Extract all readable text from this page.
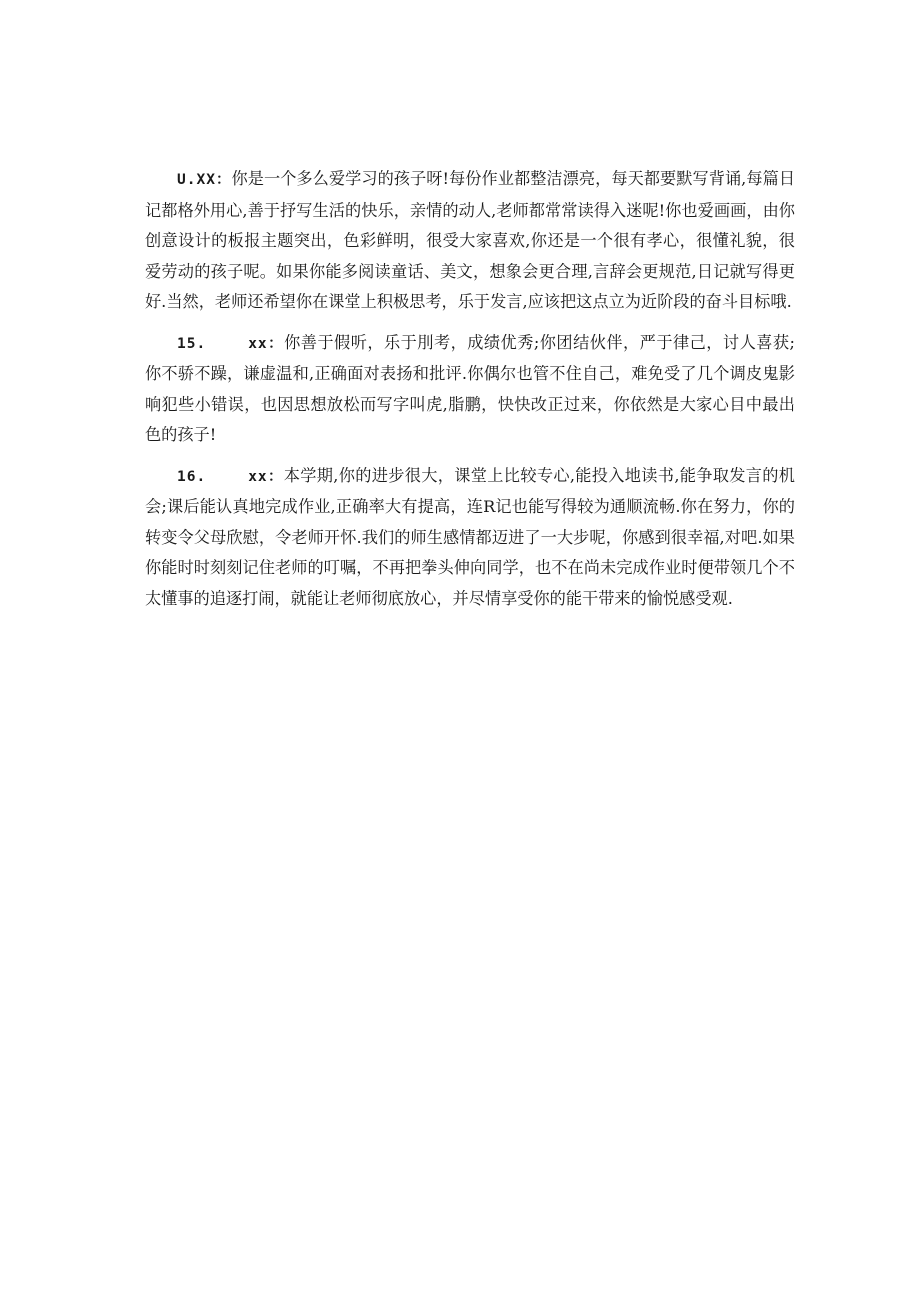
U.XX：你是一个多么爱学习的孩子呀!每份作业都整洁漂亮，每天都要默写背诵,每篇日记都格外用心,善于抒写生活的快乐，亲情的动人,老师都常常读得入迷呢!你也爱画画，由你创意设计的板报主题突出，色彩鲜明，很受大家喜欢,你还是一个很有孝心，很懂礼貌，很爱劳动的孩子呢。如果你能多阅读童话、美文，想象会更合理,言辞会更规范,日记就写得更好.当然，老师还希望你在课堂上积极思考，乐于发言,应该把这点立为近阶段的奋斗目标哦.

15.	xx：你善于假听，乐于刖考，成绩优秀;你团结伙伴，严于律己，讨人喜获;你不骄不躁，谦虚温和,正确面对表扬和批评.你偶尔也管不住自己，难免受了几个调皮鬼影响犯些小错误，也因思想放松而写字叫虎,脂鹏，快快改正过来，你依然是大家心目中最出色的孩子!

16.	xx：本学期,你的进步很大，课堂上比较专心,能投入地读书,能争取发言的机会;课后能认真地完成作业,正确率大有提高，连R记也能写得较为通顺流畅.你在努力，你的转变令父母欣慰，令老师开怀.我们的师生感情都迈进了一大步呢，你感到很幸福,对吧.如果你能时时刻刻记住老师的叮嘱，不再把拳头伸向同学，也不在尚未完成作业时便带领几个不太懂事的追逐打闹，就能让老师彻底放心，并尽情享受你的能干带来的愉悦感受观.
